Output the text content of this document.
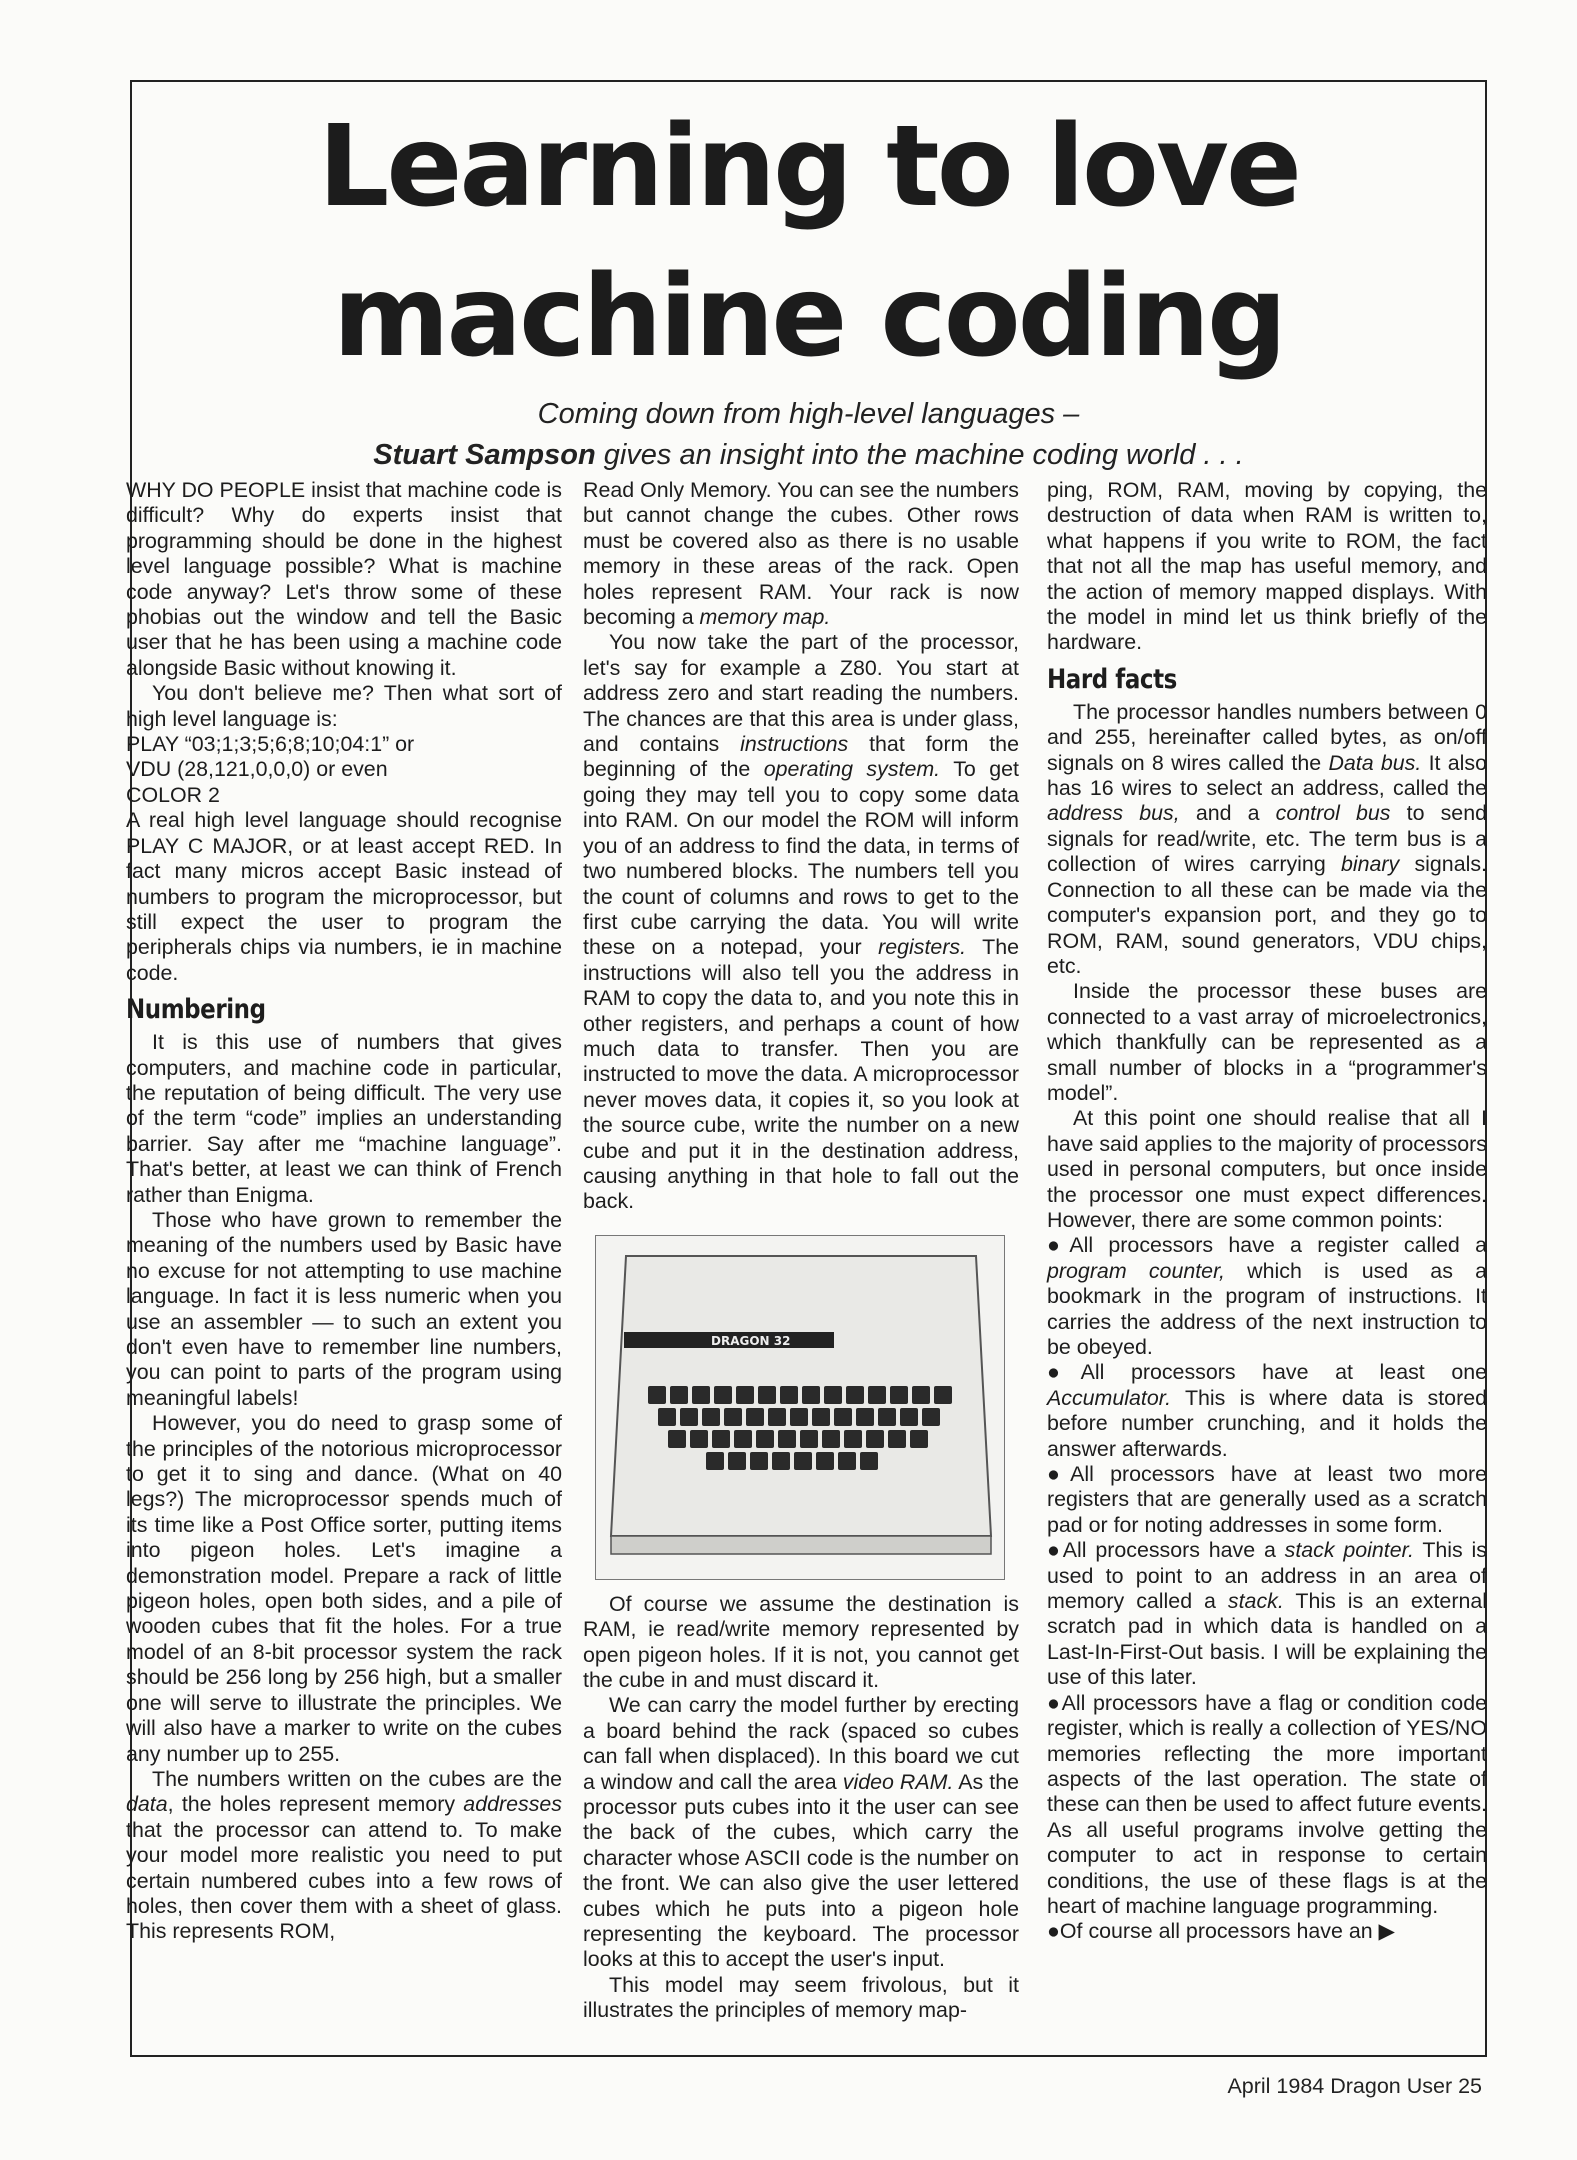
Learning to love
machine coding
Coming down from high-level languages –
Stuart Sampson gives an insight into the machine coding world . . .

WHY DO PEOPLE insist that machine code is difficult? Why do experts insist that programming should be done in the highest level language possible? What is machine code anyway? Let's throw some of these phobias out the window and tell the Basic user that he has been using a machine code alongside Basic without knowing it.

You don't believe me? Then what sort of high level language is:

PLAY “03;1;3;5;6;8;10;04:1” or

VDU (28,121,0,0,0) or even

COLOR 2

A real high level language should recognise PLAY C MAJOR, or at least accept RED. In fact many micros accept Basic instead of numbers to program the microprocessor, but still expect the user to program the peripherals chips via numbers, ie in machine code.

Numbering

It is this use of numbers that gives computers, and machine code in particular, the reputation of being difficult. The very use of the term “code” implies an understanding barrier. Say after me “machine language”. That's better, at least we can think of French rather than Enigma.

Those who have grown to remember the meaning of the numbers used by Basic have no excuse for not attempting to use machine language. In fact it is less numeric when you use an assembler — to such an extent you don't even have to remember line numbers, you can point to parts of the program using meaningful labels!

However, you do need to grasp some of the principles of the notorious microprocessor to get it to sing and dance. (What on 40 legs?) The microprocessor spends much of its time like a Post Office sorter, putting items into pigeon holes. Let's imagine a demonstration model. Prepare a rack of little pigeon holes, open both sides, and a pile of wooden cubes that fit the holes. For a true model of an 8-bit processor system the rack should be 256 long by 256 high, but a smaller one will serve to illustrate the principles. We will also have a marker to write on the cubes any number up to 255.

The numbers written on the cubes are the data, the holes represent memory addresses that the processor can attend to. To make your model more realistic you need to put certain numbered cubes into a few rows of holes, then cover them with a sheet of glass. This represents ROM,

Read Only Memory. You can see the numbers but cannot change the cubes. Other rows must be covered also as there is no usable memory in these areas of the rack. Open holes represent RAM. Your rack is now becoming a memory map.

You now take the part of the processor, let's say for example a Z80. You start at address zero and start reading the numbers. The chances are that this area is under glass, and contains instructions that form the beginning of the operating system. To get going they may tell you to copy some data into RAM. On our model the ROM will inform you of an address to find the data, in terms of two numbered blocks. The numbers tell you the count of columns and rows to get to the first cube carrying the data. You will write these on a notepad, your registers. The instructions will also tell you the address in RAM to copy the data to, and you note this in other registers, and perhaps a count of how much data to transfer. Then you are instructed to move the data. A microprocessor never moves data, it copies it, so you look at the source cube, write the number on a new cube and put it in the destination address, causing anything in that hole to fall out the back.

DRAGON 32

Of course we assume the destination is RAM, ie read/write memory represented by open pigeon holes. If it is not, you cannot get the cube in and must discard it.

We can carry the model further by erecting a board behind the rack (spaced so cubes can fall when displaced). In this board we cut a window and call the area video RAM. As the processor puts cubes into it the user can see the back of the cubes, which carry the character whose ASCII code is the number on the front. We can also give the user lettered cubes which he puts into a pigeon hole representing the keyboard. The processor looks at this to accept the user's input.

This model may seem frivolous, but it illustrates the principles of memory map-

ping, ROM, RAM, moving by copying, the destruction of data when RAM is written to, what happens if you write to ROM, the fact that not all the map has useful memory, and the action of memory mapped displays. With the model in mind let us think briefly of the hardware.

Hard facts

The processor handles numbers between 0 and 255, hereinafter called bytes, as on/off signals on 8 wires called the Data bus. It also has 16 wires to select an address, called the address bus, and a control bus to send signals for read/write, etc. The term bus is a collection of wires carrying binary signals. Connection to all these can be made via the computer's expansion port, and they go to ROM, RAM, sound generators, VDU chips, etc.

Inside the processor these buses are connected to a vast array of microelectronics, which thankfully can be represented as a small number of blocks in a “programmer's model”.

At this point one should realise that all I have said applies to the majority of processors used in personal computers, but once inside the processor one must expect differences. However, there are some common points:

● All processors have a register called a program counter, which is used as a bookmark in the program of instructions. It carries the address of the next instruction to be obeyed.

● All processors have at least one Accumulator. This is where data is stored before number crunching, and it holds the answer afterwards.

● All processors have at least two more registers that are generally used as a scratch pad or for noting addresses in some form.

● All processors have a stack pointer. This is used to point to an address in an area of memory called a stack. This is an external scratch pad in which data is handled on a Last-In-First-Out basis. I will be explaining the use of this later.

● All processors have a flag or condition code register, which is really a collection of YES/NO memories reflecting the more important aspects of the last operation. The state of these can then be used to affect future events. As all useful programs involve getting the computer to act in response to certain conditions, the use of these flags is at the heart of machine language programming.

● Of course all processors have an ▶

April 1984 Dragon User 25
